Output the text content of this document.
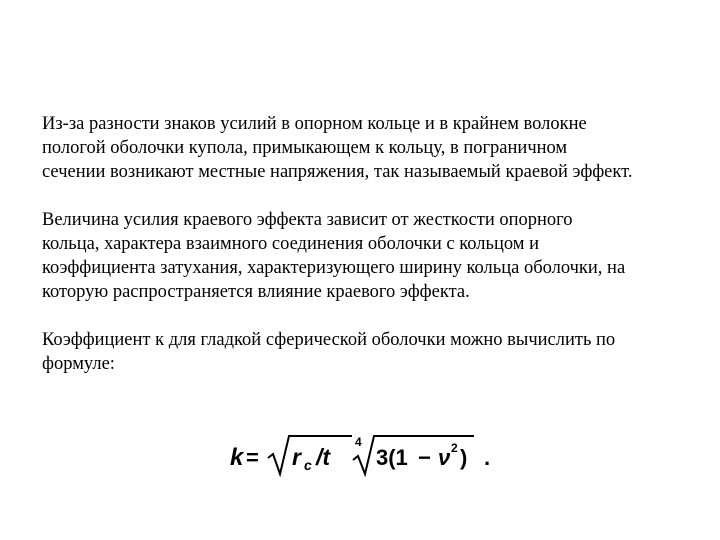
Из-за разности знаков усилий в опорном кольце и в крайнем волокне
пологой оболочки купола, примыкающем к кольцу, в пограничном
сечении возникают местные напряжения, так называемый краевой эффект.

Величина усилия краевого эффекта зависит от жесткости опорного
кольца, характера взаимного соединения оболочки с кольцом и
коэффициента затухания, характеризующего ширину кольца оболочки, на
которую распространяется влияние краевого эффекта.

Коэффициент к для гладкой сферической оболочки можно вычислить по
формуле:

k = r c /t
4
3(1 − ν 2 ) .
